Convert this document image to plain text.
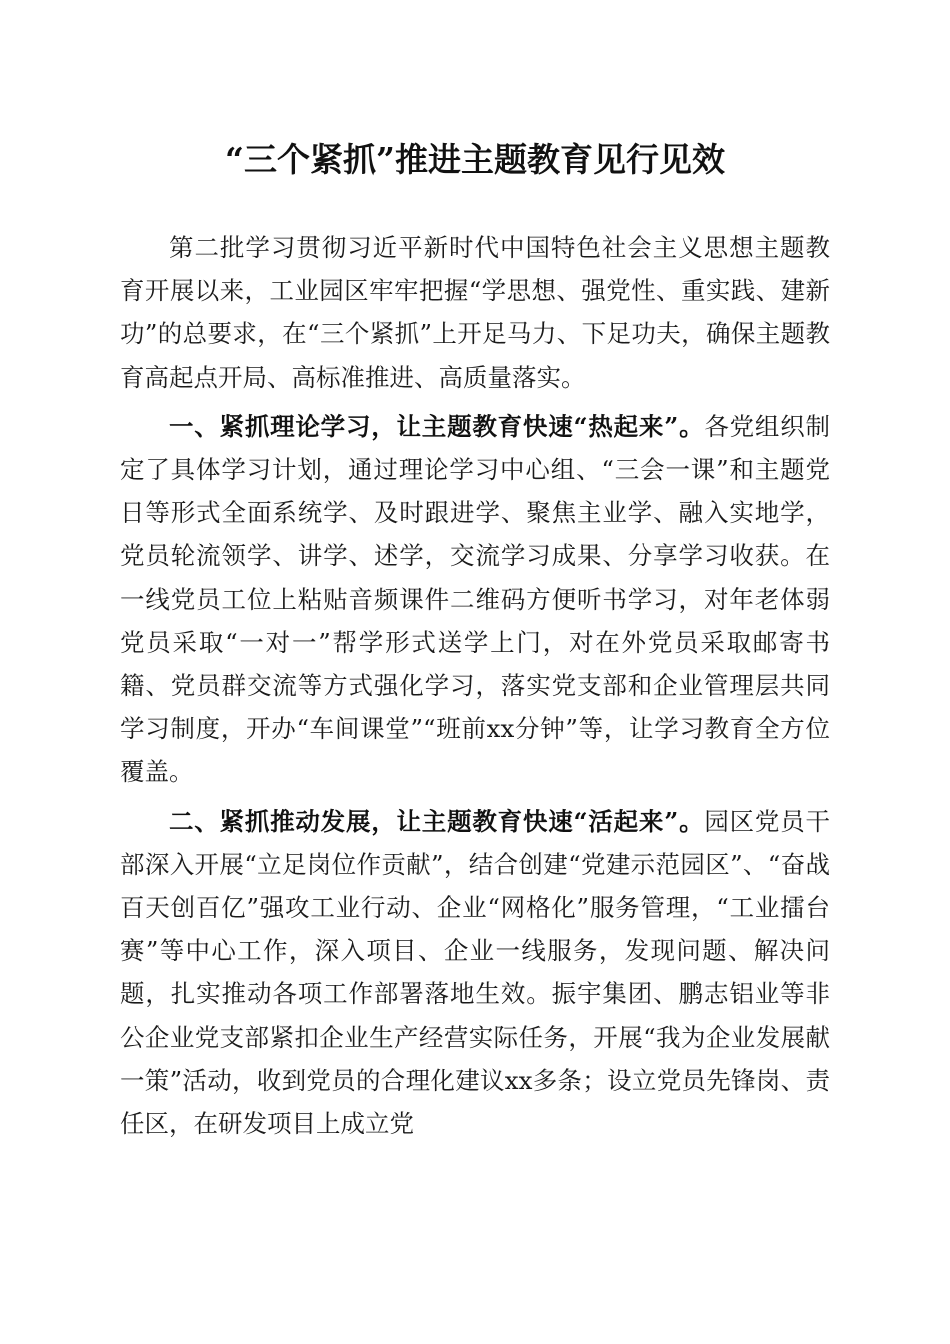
“三个紧抓”推进主题教育见行见效

第二批学习贯彻习近平新时代中国特色社会主义思想主题教育开展以来，工业园区牢牢把握“学思想、强党性、重实践、建新功”的总要求，在“三个紧抓”上开足马力、下足功夫，确保主题教育高起点开局、高标准推进、高质量落实。

一、紧抓理论学习，让主题教育快速“热起来”。各党组织制定了具体学习计划，通过理论学习中心组、“三会一课”和主题党日等形式全面系统学、及时跟进学、聚焦主业学、融入实地学，党员轮流领学、讲学、述学，交流学习成果、分享学习收获。在一线党员工位上粘贴音频课件二维码方便听书学习，对年老体弱党员采取“一对一”帮学形式送学上门，对在外党员采取邮寄书籍、党员群交流等方式强化学习，落实党支部和企业管理层共同学习制度，开办“车间课堂”“班前xx分钟”等，让学习教育全方位覆盖。

二、紧抓推动发展，让主题教育快速“活起来”。园区党员干部深入开展“立足岗位作贡献”，结合创建“党建示范园区”、“奋战百天创百亿”强攻工业行动、企业“网格化”服务管理，“工业擂台赛”等中心工作，深入项目、企业一线服务，发现问题、解决问题，扎实推动各项工作部署落地生效。振宇集团、鹏志铝业等非公企业党支部紧扣企业生产经营实际任务，开展“我为企业发展献一策”活动，收到党员的合理化建议xx多条；设立党员先锋岗、责任区，在研发项目上成立党
